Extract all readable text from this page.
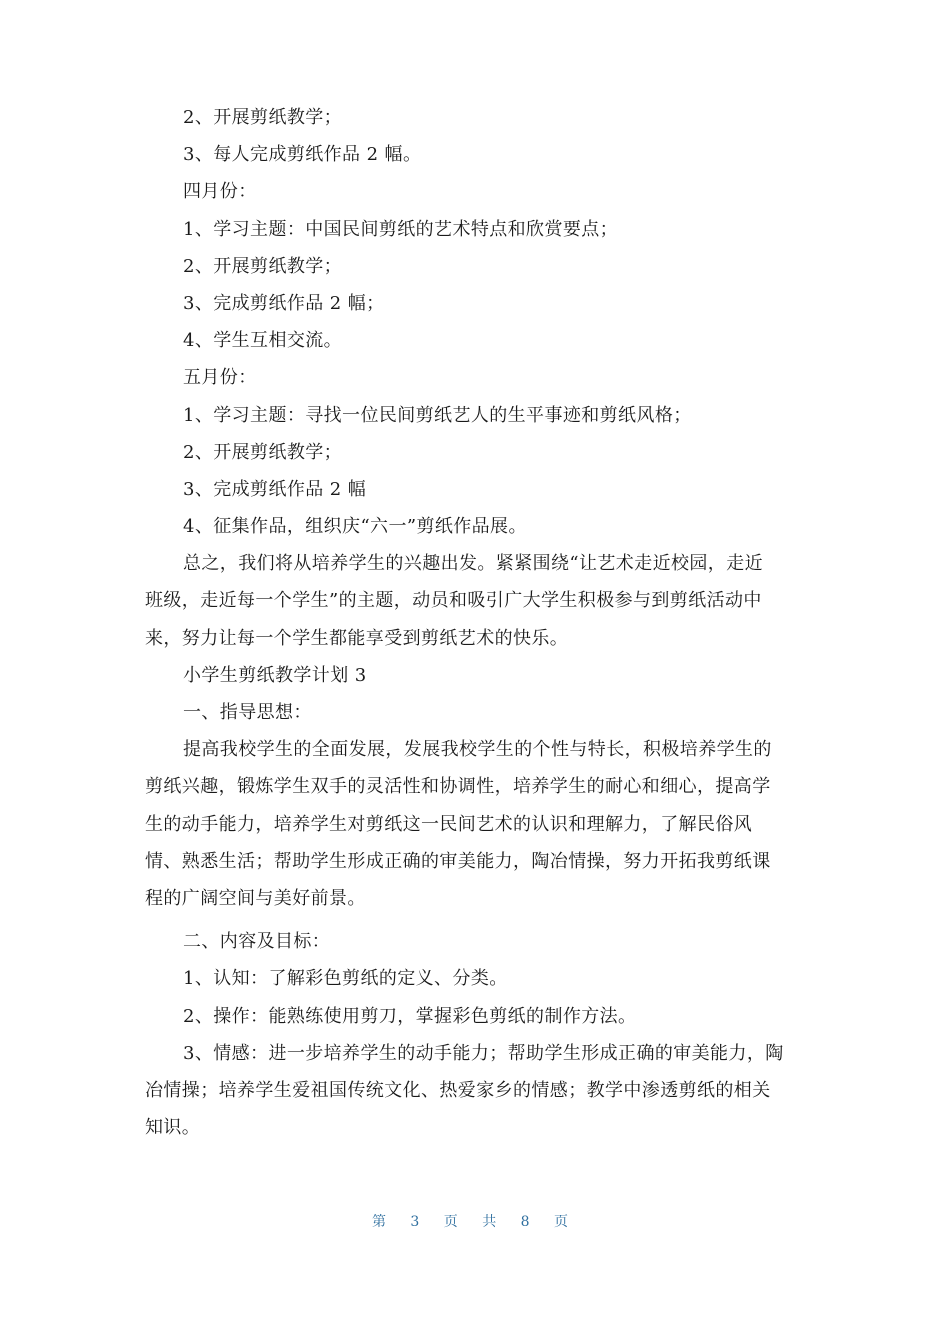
2、开展剪纸教学；
3、每人完成剪纸作品 2 幅。
四月份：
1、学习主题：中国民间剪纸的艺术特点和欣赏要点；
2、开展剪纸教学；
3、完成剪纸作品 2 幅；
4、学生互相交流。
五月份：
1、学习主题：寻找一位民间剪纸艺人的生平事迹和剪纸风格；
2、开展剪纸教学；
3、完成剪纸作品 2 幅
4、征集作品，组织庆“六一”剪纸作品展。
总之，我们将从培养学生的兴趣出发。紧紧围绕“让艺术走近校园，走近
班级，走近每一个学生”的主题，动员和吸引广大学生积极参与到剪纸活动中
来，努力让每一个学生都能享受到剪纸艺术的快乐。
小学生剪纸教学计划 3
一、指导思想：
提高我校学生的全面发展，发展我校学生的个性与特长，积极培养学生的
剪纸兴趣，锻炼学生双手的灵活性和协调性，培养学生的耐心和细心，提高学
生的动手能力，培养学生对剪纸这一民间艺术的认识和理解力，了解民俗风
情、熟悉生活；帮助学生形成正确的审美能力，陶冶情操，努力开拓我剪纸课
程的广阔空间与美好前景。
二、内容及目标：
1、认知：了解彩色剪纸的定义、分类。
2、操作：能熟练使用剪刀，掌握彩色剪纸的制作方法。
3、情感：进一步培养学生的动手能力；帮助学生形成正确的审美能力，陶
冶情操；培养学生爱祖国传统文化、热爱家乡的情感；教学中渗透剪纸的相关
知识。
第 3 页 共 8 页
